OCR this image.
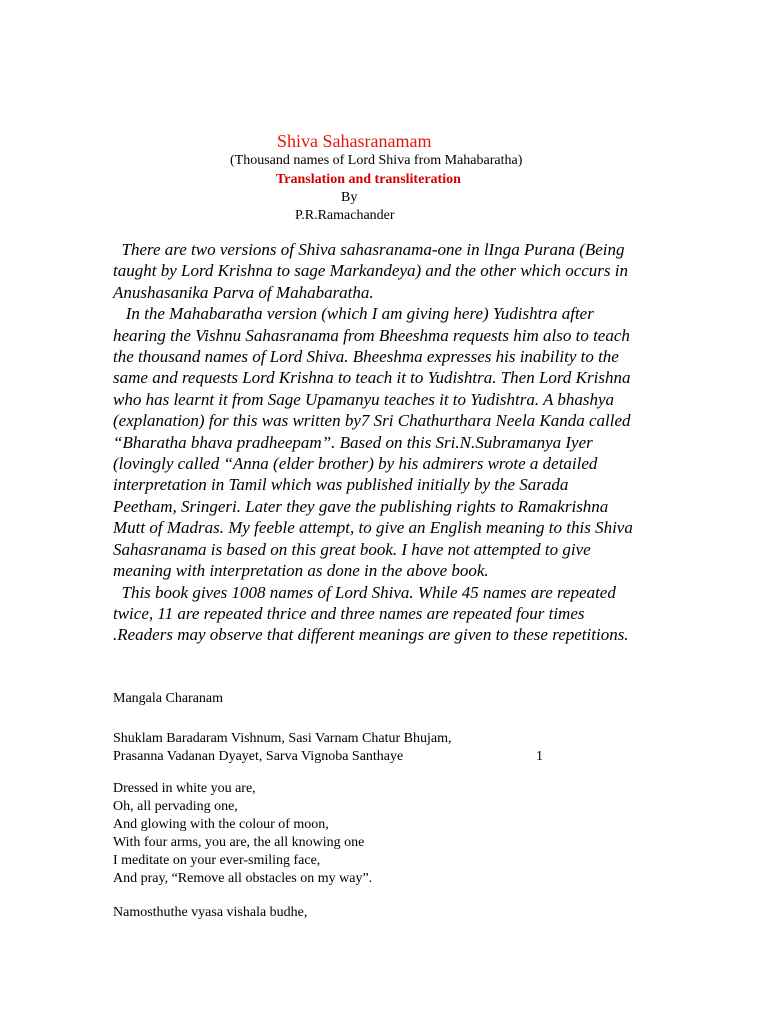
Shiva Sahasranamam
(Thousand names of Lord Shiva from Mahabaratha)
Translation and transliteration
By
P.R.Ramachander
There are two versions of Shiva sahasranama-one in lInga Purana (Being
taught by Lord Krishna to sage Markandeya) and the other which occurs in
Anushasanika Parva of Mahabaratha.
In the Mahabaratha version (which I am giving here) Yudishtra after
hearing the Vishnu Sahasranama from Bheeshma requests him also to teach
the thousand names of Lord Shiva. Bheeshma expresses his inability to the
same and requests Lord Krishna to teach it to Yudishtra. Then Lord Krishna
who has learnt it from Sage Upamanyu teaches it to Yudishtra. A bhashya
(explanation) for this was written by7 Sri Chathurthara Neela Kanda called
“Bharatha bhava pradheepam”. Based on this Sri.N.Subramanya Iyer
(lovingly called “Anna (elder brother) by his admirers wrote a detailed
interpretation in Tamil which was published initially by the Sarada
Peetham, Sringeri. Later they gave the publishing rights to Ramakrishna
Mutt of Madras. My feeble attempt, to give an English meaning to this Shiva
Sahasranama is based on this great book. I have not attempted to give
meaning with interpretation as done in the above book.
This book gives 1008 names of Lord Shiva. While 45 names are repeated
twice, 11 are repeated thrice and three names are repeated four times
.Readers may observe that different meanings are given to these repetitions.
Mangala Charanam
Shuklam Baradaram Vishnum, Sasi Varnam Chatur Bhujam,
Prasanna Vadanan Dyayet, Sarva Vignoba Santhaye	1
Dressed in white you are,
Oh, all pervading one,
And glowing with the colour of moon,
With four arms, you are, the all knowing one
I meditate on your ever-smiling face,
And pray, “Remove all obstacles on my way”.
Namosthuthe vyasa vishala budhe,
